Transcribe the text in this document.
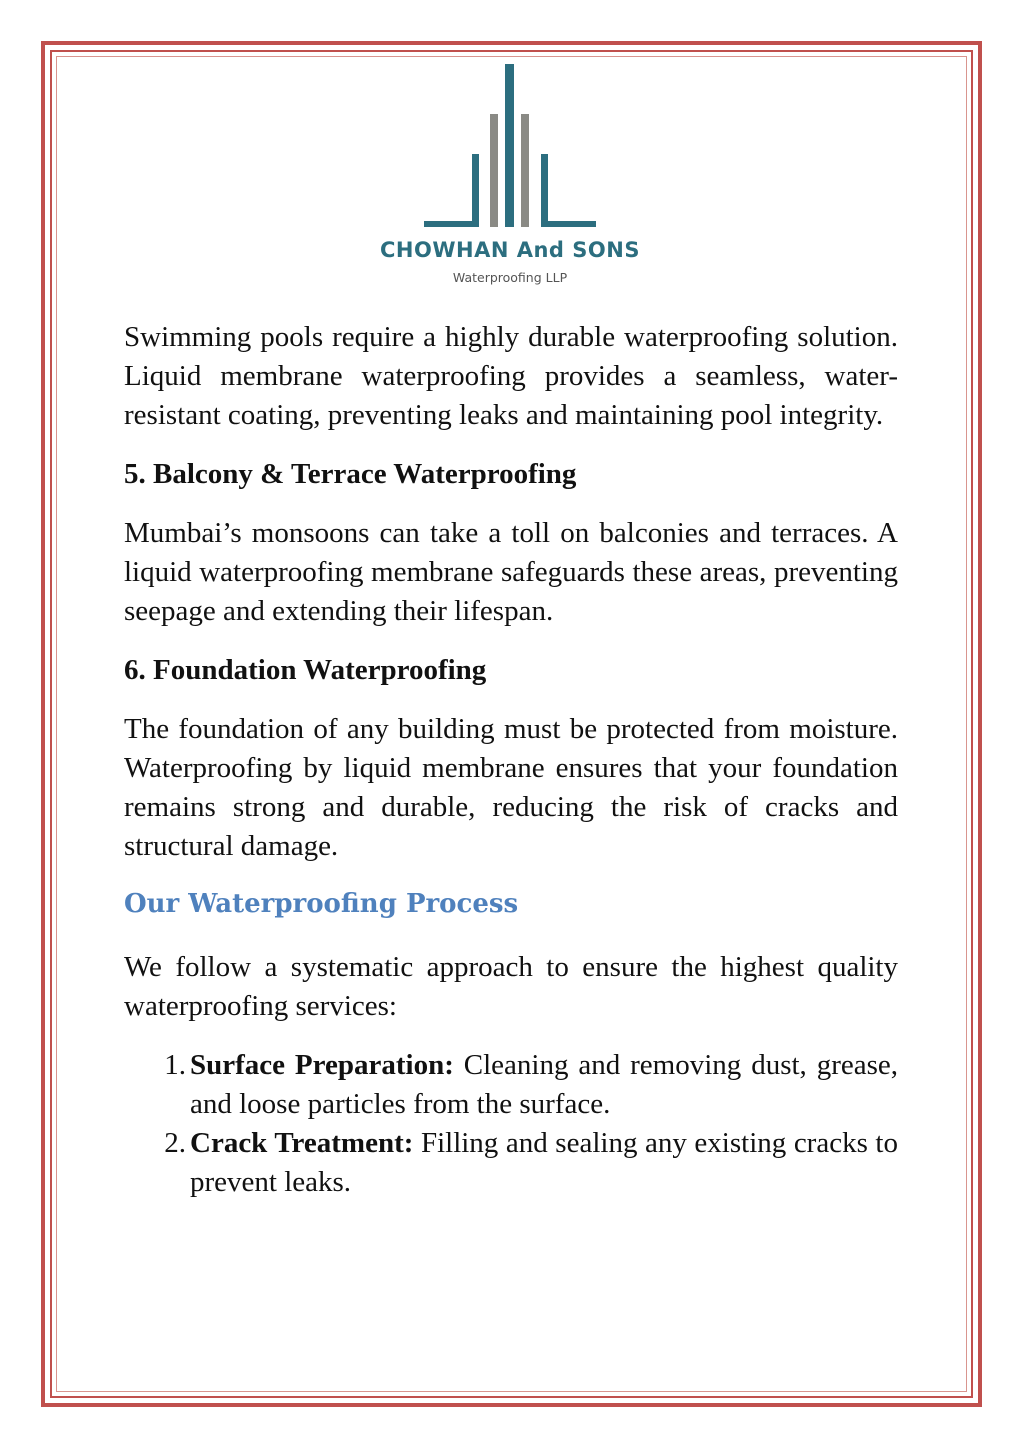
CHOWHAN And SONS
Waterproofing LLP

Swimming pools require a highly durable waterproofing solution. Liquid membrane waterproofing provides a seamless, water-resistant coating, preventing leaks and maintaining pool integrity.

5. Balcony & Terrace Waterproofing

Mumbai’s monsoons can take a toll on balconies and terraces. A liquid waterproofing membrane safeguards these areas, preventing seepage and extending their lifespan.

6. Foundation Waterproofing

The foundation of any building must be protected from moisture. Waterproofing by liquid membrane ensures that your foundation remains strong and durable, reducing the risk of cracks and structural damage.

Our Waterproofing Process

We follow a systematic approach to ensure the highest quality waterproofing services:

1. Surface Preparation: Cleaning and removing dust, grease, and loose particles from the surface.
2. Crack Treatment: Filling and sealing any existing cracks to prevent leaks.
